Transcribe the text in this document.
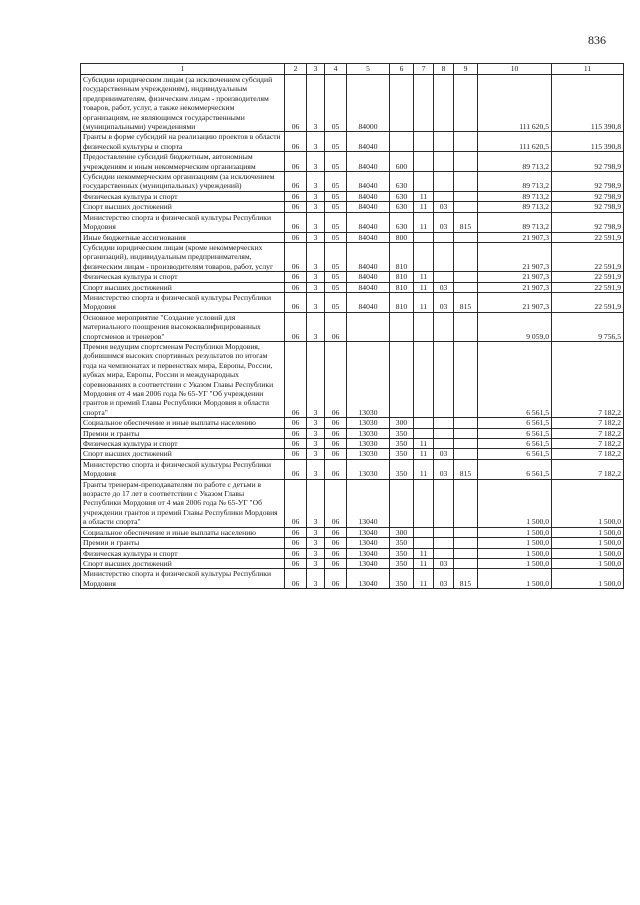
836
1	2	3	4	5	6	7	8	9	10	11
Субсидии юридическим лицам (за исключением субсидий государственным учреждениям), индивидуальным предпринимателям, физическим лицам - производителям товаров, работ, услуг, а также некоммерческим организациям, не являющимся государственными (муниципальными) учреждениями	06	3	05	84000					111 620,5	115 390,8
Гранты в форме субсидий на реализацию проектов в области физической культуры и спорта	06	3	05	84040					111 620,5	115 390,8
Предоставление субсидий бюджетным, автономным учреждениям и иным некоммерческим организациям	06	3	05	84040	600				89 713,2	92 798,9
Субсидии некоммерческим организациям (за исключением государственных (муниципальных) учреждений)	06	3	05	84040	630				89 713,2	92 798,9
Физическая культура и спорт	06	3	05	84040	630	11			89 713,2	92 798,9
Спорт высших достижений	06	3	05	84040	630	11	03		89 713,2	92 798,9
Министерство спорта и физической культуры Республики Мордовия	06	3	05	84040	630	11	03	815	89 713,2	92 798,9
Иные бюджетные ассигнования	06	3	05	84040	800				21 907,3	22 591,9
Субсидии юридическим лицам (кроме некоммерческих организаций), индивидуальным предпринимателям, физическим лицам - производителям товаров, работ, услуг	06	3	05	84040	810				21 907,3	22 591,9
Физическая культура и спорт	06	3	05	84040	810	11			21 907,3	22 591,9
Спорт высших достижений	06	3	05	84040	810	11	03		21 907,3	22 591,9
Министерство спорта и физической культуры Республики Мордовия	06	3	05	84040	810	11	03	815	21 907,3	22 591,9
Основное мероприятие "Создание условий для материального поощрения высококвалифицированных спортсменов и тренеров"	06	3	06						9 059,0	9 756,5
Премия ведущим спортсменам Республики Мордовия, добившимся высоких спортивных результатов по итогам года на чемпионатах и первенствах мира, Европы, России, кубках мира, Европы, России и международных соревнованиях в соответствии с Указом Главы Республики Мордовия от 4 мая 2006 года № 65-УГ "Об учреждении грантов и премий Главы Республики Мордовия в области спорта"	06	3	06	13030					6 561,5	7 182,2
Социальное обеспечение и иные выплаты населению	06	3	06	13030	300				6 561,5	7 182,2
Премии и гранты	06	3	06	13030	350				6 561,5	7 182,2
Физическая культура и спорт	06	3	06	13030	350	11			6 561,5	7 182,2
Спорт высших достижений	06	3	06	13030	350	11	03		6 561,5	7 182,2
Министерство спорта и физической культуры Республики Мордовия	06	3	06	13030	350	11	03	815	6 561,5	7 182,2
Гранты тренерам-преподавателям по работе с детьми в возрасте до 17 лет в соответствии с Указом Главы Республики Мордовия от 4 мая 2006 года № 65-УГ "Об учреждении грантов и премий Главы Республики Мордовия в области спорта"	06	3	06	13040					1 500,0	1 500,0
Социальное обеспечение и иные выплаты населению	06	3	06	13040	300				1 500,0	1 500,0
Премии и гранты	06	3	06	13040	350				1 500,0	1 500,0
Физическая культура и спорт	06	3	06	13040	350	11			1 500,0	1 500,0
Спорт высших достижений	06	3	06	13040	350	11	03		1 500,0	1 500,0
Министерство спорта и физической культуры Республики Мордовия	06	3	06	13040	350	11	03	815	1 500,0	1 500,0
